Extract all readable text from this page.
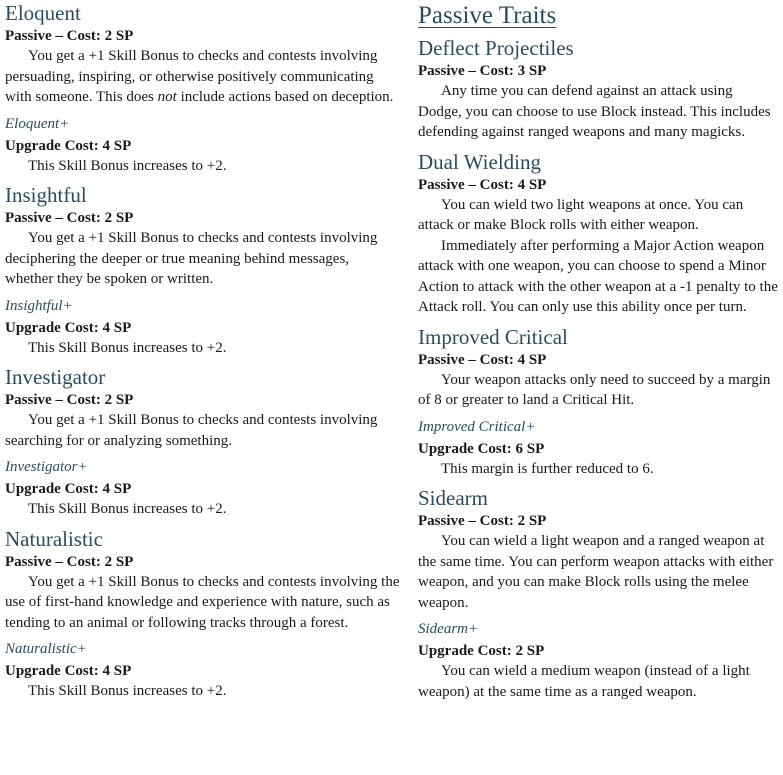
Eloquent

Passive – Cost: 2 SP

You get a +1 Skill Bonus to checks and contests involving persuading, inspiring, or otherwise positively communicating with someone. This does not include actions based on deception.

Eloquent+

Upgrade Cost: 4 SP

This Skill Bonus increases to +2.

Insightful

Passive – Cost: 2 SP

You get a +1 Skill Bonus to checks and contests involving deciphering the deeper or true meaning behind messages, whether they be spoken or written.

Insightful+

Upgrade Cost: 4 SP

This Skill Bonus increases to +2.

Investigator

Passive – Cost: 2 SP

You get a +1 Skill Bonus to checks and contests involving searching for or analyzing something.

Investigator+

Upgrade Cost: 4 SP

This Skill Bonus increases to +2.

Naturalistic

Passive – Cost: 2 SP

You get a +1 Skill Bonus to checks and contests involving the use of first-hand knowledge and experience with nature, such as tending to an animal or following tracks through a forest.

Naturalistic+

Upgrade Cost: 4 SP

This Skill Bonus increases to +2.

Passive Traits
Deflect Projectiles

Passive – Cost: 3 SP

Any time you can defend against an attack using Dodge, you can choose to use Block instead. This includes defending against ranged weapons and many magicks.

Dual Wielding

Passive – Cost: 4 SP

You can wield two light weapons at once. You can attack or make Block rolls with either weapon.

Immediately after performing a Major Action weapon attack with one weapon, you can choose to spend a Minor Action to attack with the other weapon at a -1 penalty to the Attack roll. You can only use this ability once per turn.

Improved Critical

Passive – Cost: 4 SP

Your weapon attacks only need to succeed by a margin of 8 or greater to land a Critical Hit.

Improved Critical+

Upgrade Cost: 6 SP

This margin is further reduced to 6.

Sidearm

Passive – Cost: 2 SP

You can wield a light weapon and a ranged weapon at the same time. You can perform weapon attacks with either weapon, and you can make Block rolls using the melee weapon.

Sidearm+

Upgrade Cost: 2 SP

You can wield a medium weapon (instead of a light weapon) at the same time as a ranged weapon.
